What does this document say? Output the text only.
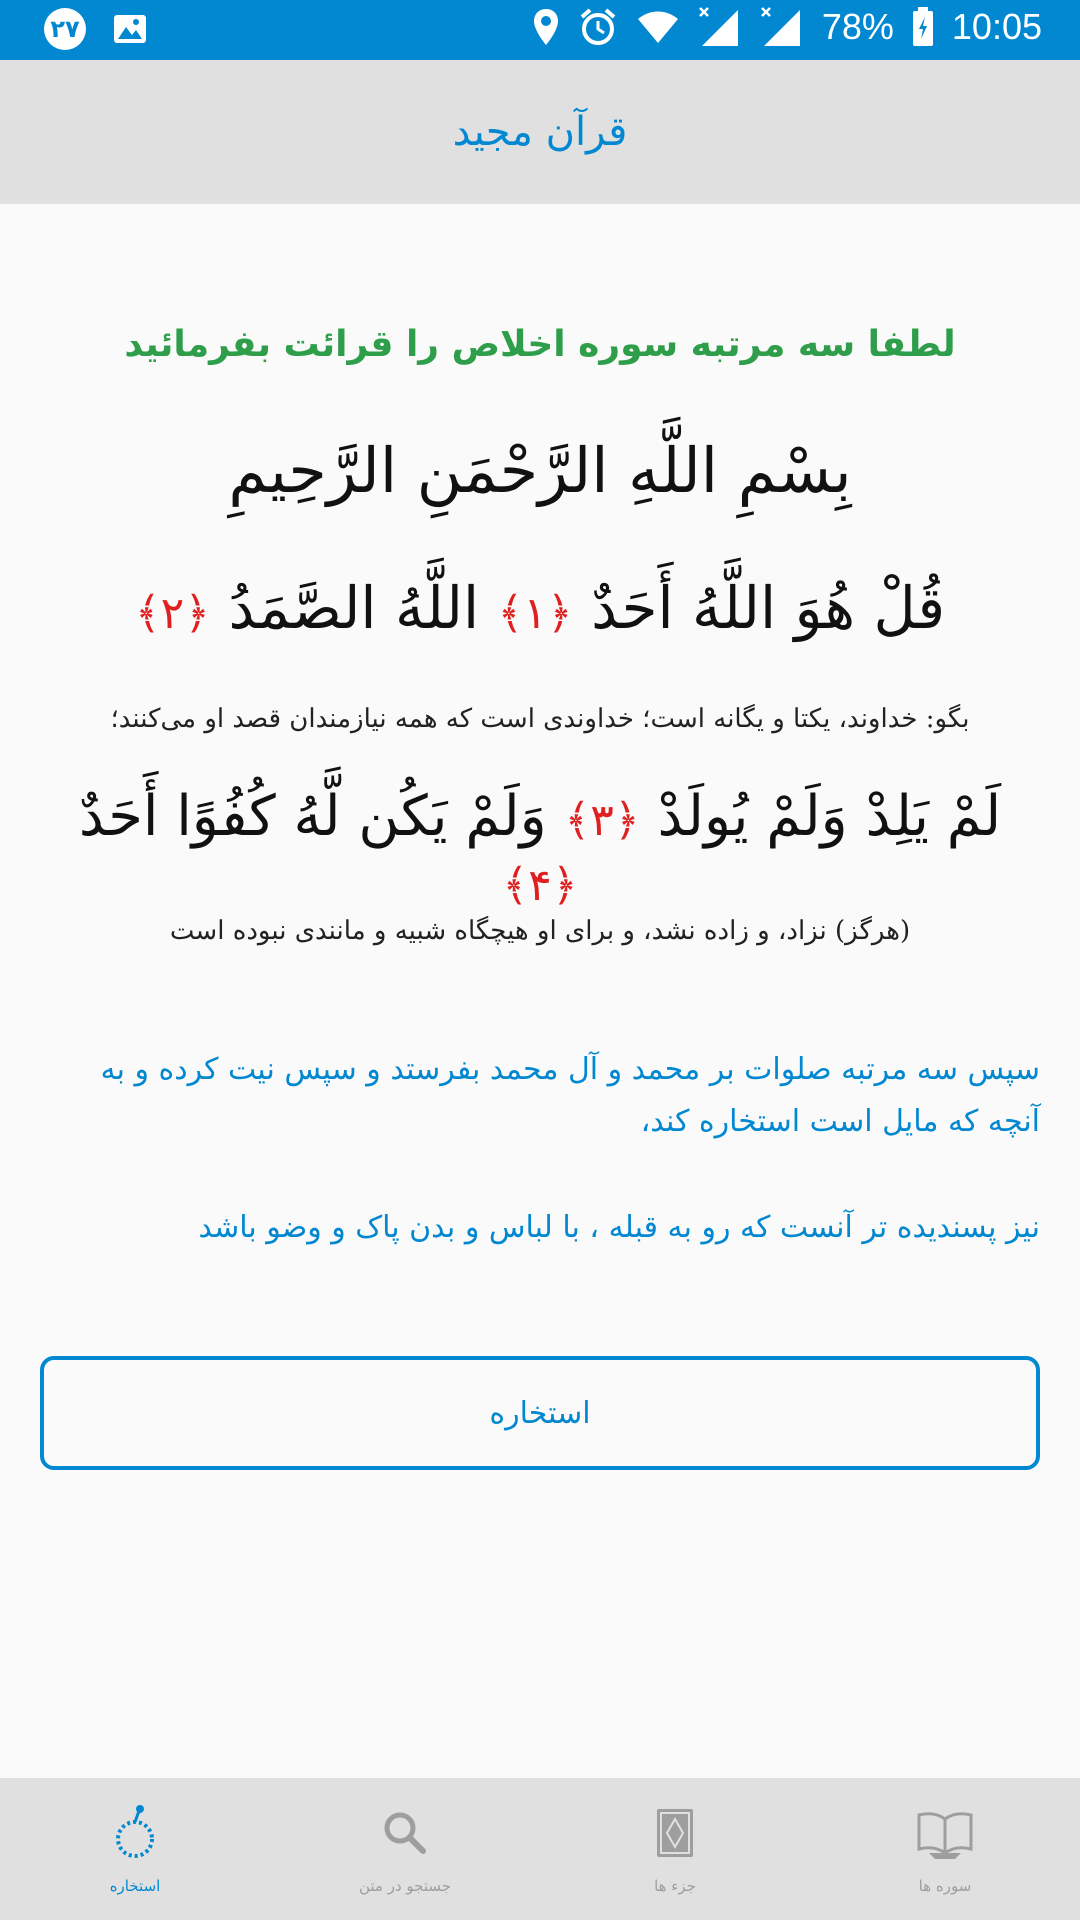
۲۷	78% 10:05
قرآن مجید
لطفا سه مرتبه سوره اخلاص را قرائت بفرمائید
بِسْمِ اللَّهِ الرَّحْمَنِ الرَّحِيمِ
قُلْ هُوَ اللَّهُ أَحَدٌ ﴿۱﴾ اللَّهُ الصَّمَدُ ﴿۲﴾
بگو: خداوند، یکتا و یگانه است؛ خداوندی است که همه نیازمندان قصد او می‌کنند؛
لَمْ يَلِدْ وَلَمْ يُولَدْ ﴿۳﴾ وَلَمْ يَكُن لَّهُ كُفُوًا أَحَدٌ ﴿۴﴾
(هرگز) نزاد، و زاده نشد، و برای او هیچگاه شبیه و مانندی نبوده است
سپس سه مرتبه صلوات بر محمد و آل محمد بفرستد و سپس نیت کرده و به آنچه که مایل است استخاره کند،
نیز پسندیده تر آنست که رو به قبله ، با لباس و بدن پاک و وضو باشد
استخاره
استخاره	جستجو در متن	جزء ها	سوره ها
